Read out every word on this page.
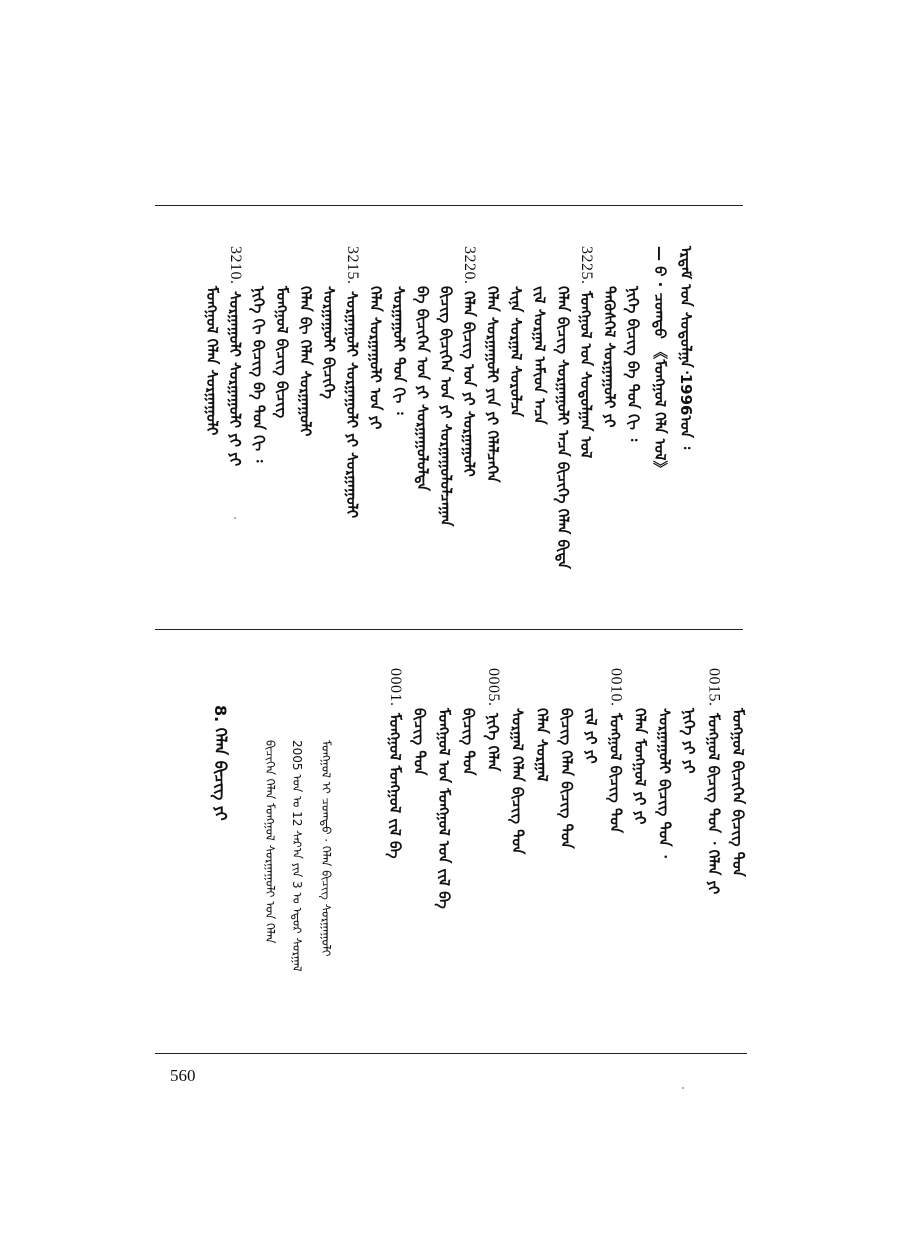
ᠡᠷᠳᠡᠮ ᠤᠨ ᠰᠤᠳᠤᠯᠭᠠ᠂1996ᠣᠨ ᠄
— ᠪ · ᠴᠣᠭᠲᠤ 《ᠮᠣᠩᠭᠣᠯ ᠬᠡᠯᠡ ᠤᠯ》
ᠨᠢᠭᠡ ᠪᠢᠴᠢᠭ ᠪᠠ ᠳᠤᠨ ᠬᠢ ᠄
ᠲᠡᠭᠦᠰᠬᠡᠯ ᠰᠤᠷᠭᠠᠭᠤᠯᠢ ᠶᠢ
3225.ᠮᠣᠩᠭᠣᠯ ᠤᠨ ᠰᠤᠳᠤᠯᠭᠠᠨ ᠤᠯ
ᠬᠡᠯᠡᠨ ᠪᠢᠴᠢᠭ ᠰᠤᠷᠭᠠᠭᠤᠯᠢ ᠠᠴᠠ ᠪᠢᠴᠢᠭᠡ ᠬᠡᠯᠡᠨ ᠪᠢᠳᠡ
ᠵᠢᠯ ᠰᠤᠷᠭᠠᠯ ᠠᠮᠢᠳ ᠠᠴᠠ
ᠰᠢᠨᠡ ᠰᠤᠷᠭᠠᠯ ᠰᠤᠷᠤᠯᠴᠠ
ᠬᠡᠯᠡᠨ ᠰᠤᠷᠭᠠᠭᠤᠯᠢ ᠶᠢᠨ ᠶᠢ ᠬᠡᠯᠡᠯᠴᠡᠭᠡᠨ
3220.ᠬᠡᠯᠡᠨ ᠪᠢᠴᠢᠭ ᠤᠨ ᠶᠢ ᠰᠤᠷᠭᠠᠭᠤᠯᠢ
ᠪᠢᠴᠢᠭ ᠪᠢᠴᠢᠭᠡᠨ ᠤᠨ ᠶᠢ ᠰᠤᠷᠭᠠᠭᠤᠯᠤᠯᠴᠠᠭᠠᠨ
ᠪᠠ ᠪᠢᠴᠢᠭᠡᠨ ᠤᠨ ᠶᠢ ᠰᠤᠷᠭᠠᠭᠤᠯᠤᠯᠳᠠ
ᠰᠤᠷᠭᠠᠭᠤᠯᠢ ᠳᠤᠨ ᠬᠢ ᠄
ᠬᠡᠯᠡᠨ ᠰᠤᠷᠭᠠᠭᠤᠯᠢ ᠤᠨ ᠶᠢ
3215.ᠰᠤᠷᠭᠠᠭᠤᠯᠢ ᠰᠤᠷᠭᠠᠭᠤᠯᠢ ᠶᠢ ᠰᠤᠷᠭᠠᠭᠤᠯᠢ
ᠰᠤᠷᠭᠠᠭᠤᠯᠢ ᠪᠢᠴᠢᠭᠡ
ᠬᠡᠯᠡᠨ ᠪᠢ ᠬᠡᠯᠡᠨ ᠰᠤᠷᠭᠠᠭᠤᠯᠢ
ᠮᠣᠩᠭᠣᠯ ᠪᠢᠴᠢᠭ ᠪᠢᠴᠢᠭ
ᠨᠢᠭᠡ ᠬᠢ ᠪᠢᠴᠢᠭ ᠪᠠ ᠳᠤᠨ ᠬᠢ ᠄
3210.ᠰᠤᠷᠭᠠᠭᠤᠯᠢ ᠰᠤᠷᠭᠠᠭᠤᠯᠢ ᠶᠢ ᠶᠢ
ᠮᠣᠩᠭᠣᠯ ᠬᠡᠯᠡᠨ ᠰᠤᠷᠭᠠᠭᠤᠯᠢ
ᠮᠣᠩᠭᠣᠯ ᠪᠢᠴᠢᠭᠡᠨ ᠪᠢᠴᠢᠭ ᠳᠤᠨ
0015.ᠮᠣᠩᠭᠣᠯ ᠪᠢᠴᠢᠭ ᠳᠤᠨ ᠂ ᠬᠡᠯᠡᠨ ᠶᠢ
ᠨᠢᠭᠡ ᠶᠢ ᠶᠢ
ᠰᠤᠷᠭᠠᠭᠤᠯᠢ ᠪᠢᠴᠢᠭ ᠳᠤᠨ ᠂
ᠬᠡᠯᠡᠨ ᠮᠣᠩᠭᠣᠯ ᠶᠢ ᠶᠢ
0010.ᠮᠣᠩᠭᠣᠯ ᠪᠢᠴᠢᠭ ᠳᠤᠨ
ᠵᠢᠯ ᠶᠢ ᠶᠢ
ᠪᠢᠴᠢᠭ ᠬᠡᠯᠡᠨ ᠪᠢᠴᠢᠭ ᠳᠤᠨ
ᠬᠡᠯᠡᠨ ᠰᠤᠷᠭᠠᠯ
ᠰᠤᠷᠭᠠᠯ ᠬᠡᠯᠡᠨ ᠪᠢᠴᠢᠭ ᠳᠤᠨ
0005.ᠨᠢᠭᠡ ᠬᠡᠯᠡᠨ
ᠪᠢᠴᠢᠭ ᠳᠤᠨ
ᠮᠣᠩᠭᠣᠯ ᠤᠨ ᠮᠣᠩᠭᠣᠯ ᠤᠨ ᠵᠢᠯ ᠪᠠ
ᠪᠢᠴᠢᠭ ᠳᠤᠨ
0001.ᠮᠣᠩᠭᠣᠯ ᠮᠣᠩᠭᠣᠯ ᠵᠢᠯ ᠪᠠ
ᠮᠣᠩᠭᠣᠯ ᠢ ᠴᠣᠭᠲᠤ · ᠬᠡᠯᠡᠨ ᠪᠢᠴᠢᠭ ᠰᠤᠷᠭᠠᠭᠤᠯᠢ
2005 ᠣᠨ ᠤ 12 ᠰᠠᠷ᠎ᠠ ᠶᠢᠨ 3 ᠤ ᠡᠳᠦᠷ ᠰᠤᠷᠭᠠᠯ
ᠪᠢᠴᠢᠭᠡᠨ ᠬᠡᠯᠡᠨ ᠮᠣᠩᠭᠣᠯ ᠰᠤᠷᠭᠠᠭᠤᠯᠢ ᠤᠨ ᠬᠡᠯᠡᠨ
8. ᠬᠡᠯᠡᠨ ᠪᠢᠴᠢᠭ ᠶᠢ
560
